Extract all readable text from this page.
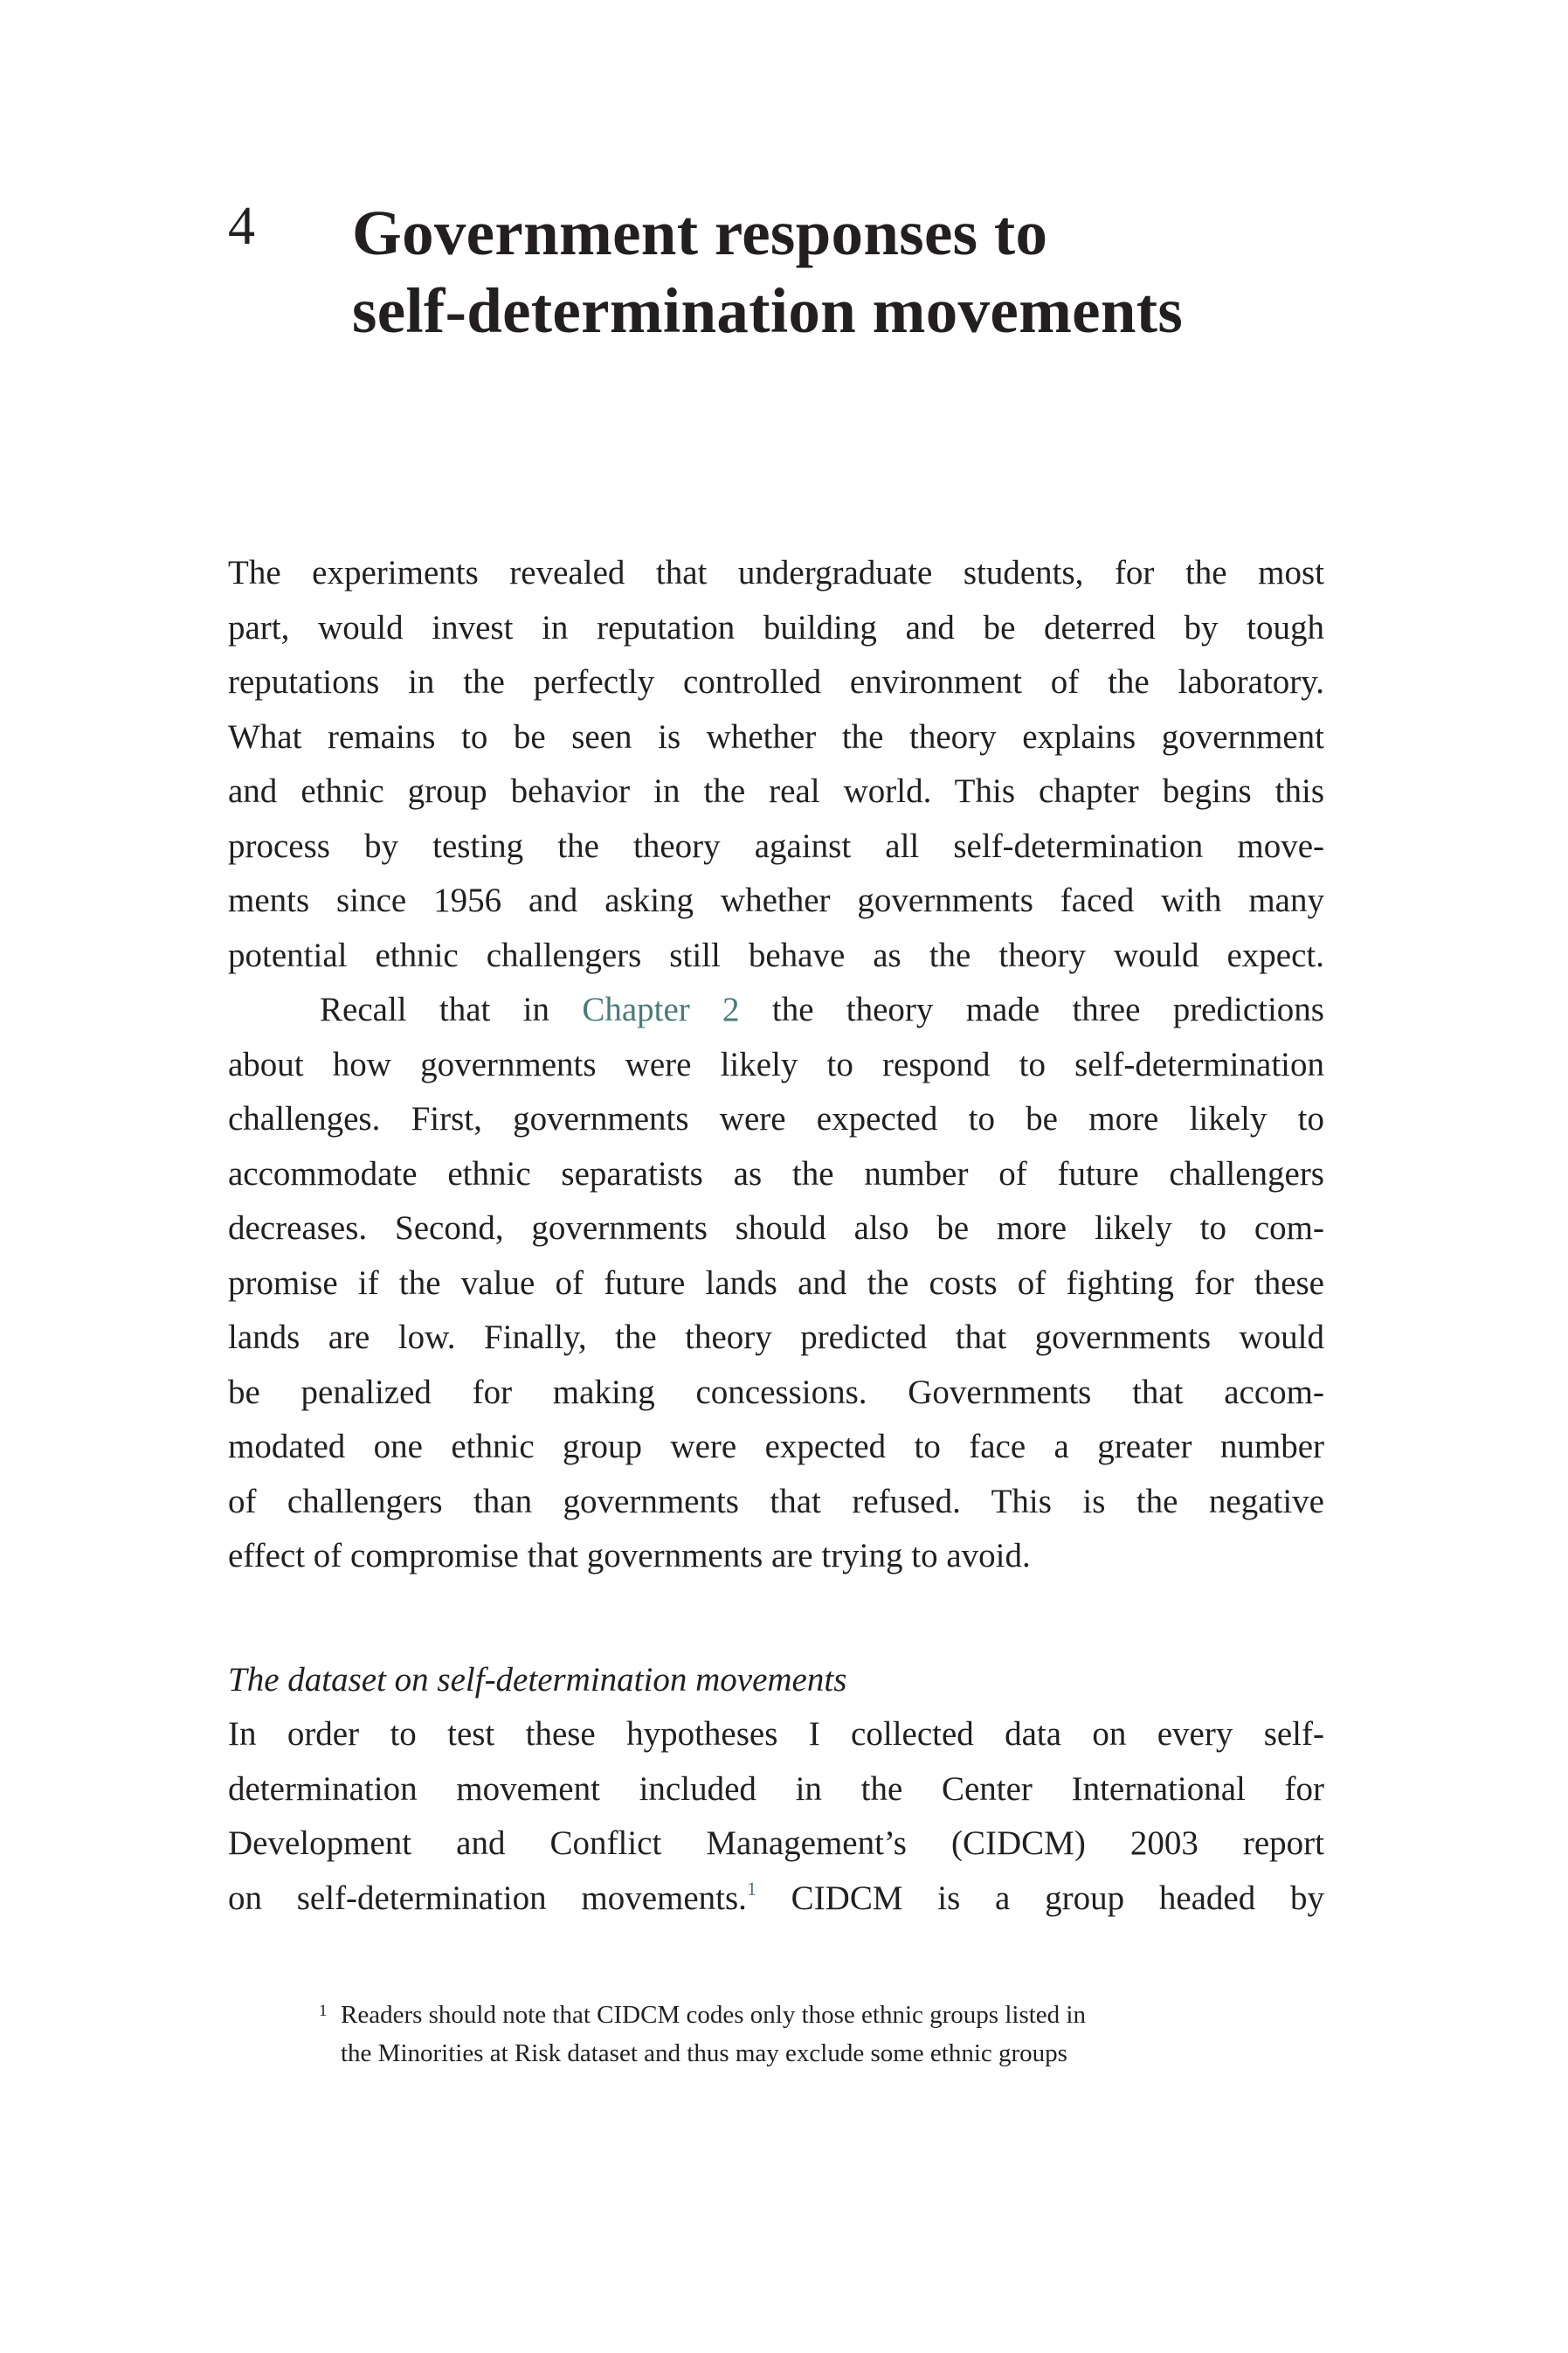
4 Government responses to
self-determination movements

The experiments revealed that undergraduate students, for the most
part, would invest in reputation building and be deterred by tough
reputations in the perfectly controlled environment of the laboratory.
What remains to be seen is whether the theory explains government
and ethnic group behavior in the real world. This chapter begins this
process by testing the theory against all self-determination move-
ments since 1956 and asking whether governments faced with many
potential ethnic challengers still behave as the theory would expect.

Recall that in Chapter 2 the theory made three predictions
about how governments were likely to respond to self-determination
challenges. First, governments were expected to be more likely to
accommodate ethnic separatists as the number of future challengers
decreases. Second, governments should also be more likely to com-
promise if the value of future lands and the costs of fighting for these
lands are low. Finally, the theory predicted that governments would
be penalized for making concessions. Governments that accom-
modated one ethnic group were expected to face a greater number
of challengers than governments that refused. This is the negative
effect of compromise that governments are trying to avoid.

The dataset on self-determination movements

In order to test these hypotheses I collected data on every self-
determination movement included in the Center International for
Development and Conflict Management’s (CIDCM) 2003 report
on self-determination movements.$^1$ CIDCM is a group headed by

1 Readers should note that CIDCM codes only those ethnic groups listed in
the Minorities at Risk dataset and thus may exclude some ethnic groups
